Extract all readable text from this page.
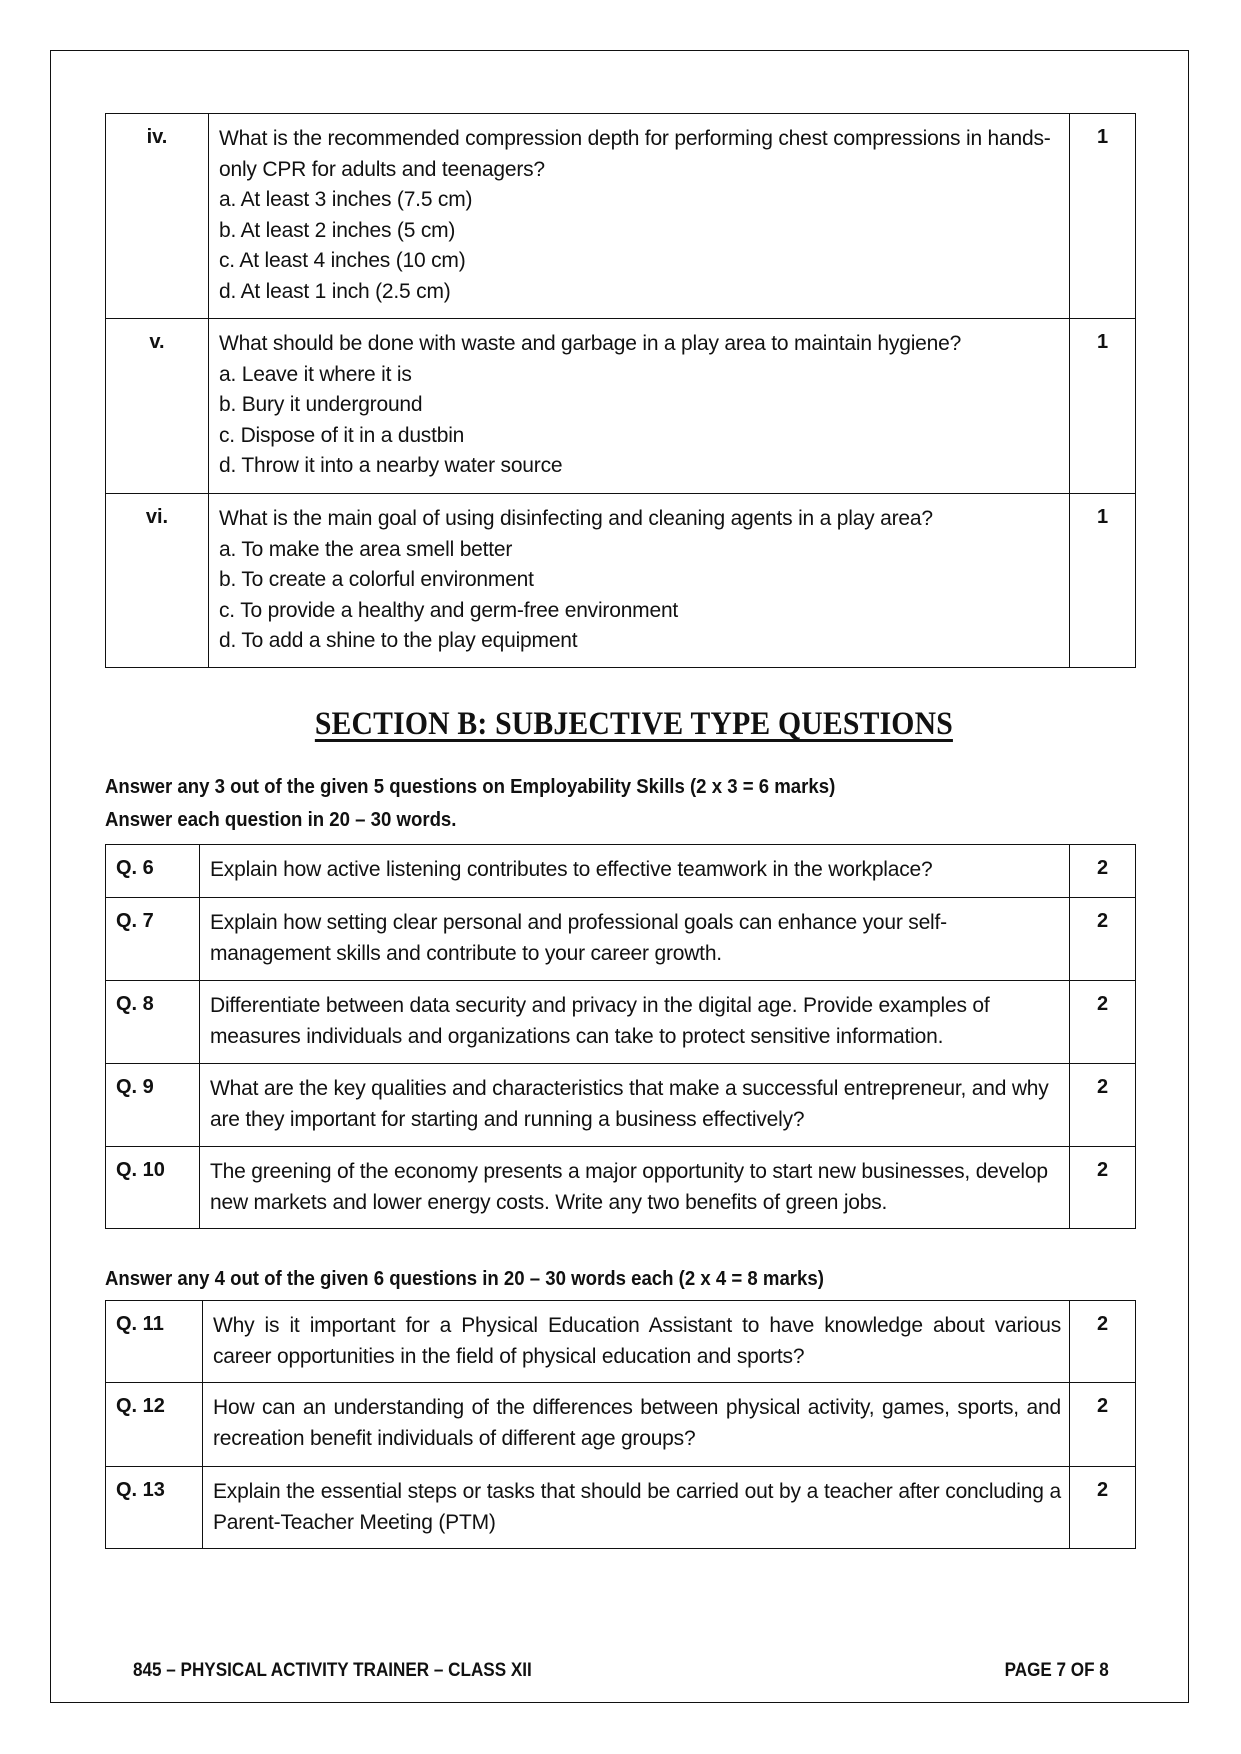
iv.	What is the recommended compression depth for performing chest compressions in hands-only CPR for adults and teenagers?
a. At least 3 inches (7.5 cm)
b. At least 2 inches (5 cm)
c. At least 4 inches (10 cm)
d. At least 1 inch (2.5 cm)	1
v.	What should be done with waste and garbage in a play area to maintain hygiene?
a. Leave it where it is
b. Bury it underground
c. Dispose of it in a dustbin
d. Throw it into a nearby water source	1
vi.	What is the main goal of using disinfecting and cleaning agents in a play area?
a. To make the area smell better
b. To create a colorful environment
c. To provide a healthy and germ-free environment
d. To add a shine to the play equipment	1
SECTION B: SUBJECTIVE TYPE QUESTIONS
Answer any 3 out of the given 5 questions on Employability Skills (2 x 3 = 6 marks)
Answer each question in 20 – 30 words.
Q. 6	Explain how active listening contributes to effective teamwork in the workplace?	2
Q. 7	Explain how setting clear personal and professional goals can enhance your self-management skills and contribute to your career growth.	2
Q. 8	Differentiate between data security and privacy in the digital age. Provide examples of measures individuals and organizations can take to protect sensitive information.	2
Q. 9	What are the key qualities and characteristics that make a successful entrepreneur, and why are they important for starting and running a business effectively?	2
Q. 10	The greening of the economy presents a major opportunity to start new businesses, develop new markets and lower energy costs. Write any two benefits of green jobs.	2
Answer any 4 out of the given 6 questions in 20 – 30 words each (2 x 4 = 8 marks)
Q. 11	Why is it important for a Physical Education Assistant to have knowledge about various career opportunities in the field of physical education and sports?	2
Q. 12	How can an understanding of the differences between physical activity, games, sports, and recreation benefit individuals of different age groups?	2
Q. 13	Explain the essential steps or tasks that should be carried out by a teacher after concluding a Parent-Teacher Meeting (PTM)	2
845 – PHYSICAL ACTIVITY TRAINER – CLASS XII	PAGE 7 OF 8
